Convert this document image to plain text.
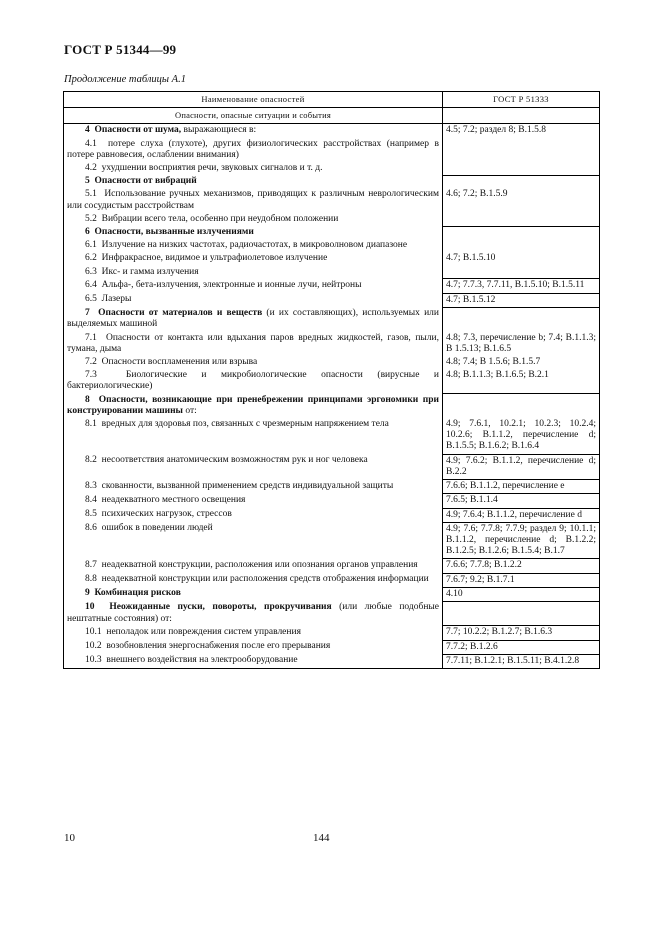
ГОСТ Р 51344—99
Продолжение таблицы А.1
Наименование опасностей	ГОСТ Р 51333
Опасности, опасные ситуации и события	
4 Опасности от шума, выражающиеся в:	4.5; 7.2; раздел 8; В.1.5.8
4.1 потере слуха (глухоте), других физиологических расстройствах (например в потере равновесия, ослаблении внимания)	
4.2 ухудшении восприятия речи, звуковых сигналов и т. д.	
5 Опасности от вибраций	
5.1 Использование ручных механизмов, приводящих к различным неврологическим или сосудистым расстройствам	4.6; 7.2; В.1.5.9
5.2 Вибрации всего тела, особенно при неудобном положении	
6 Опасности, вызванные излучениями	
6.1 Излучение на низких частотах, радиочастотах, в микроволновом диапазоне	
6.2 Инфракрасное, видимое и ультрафиолетовое излучение	4.7; В.1.5.10
6.3 Икс- и гамма излучения	
6.4 Альфа-, бета-излучения, электронные и ионные лучи, нейтроны	4.7; 7.7.3, 7.7.11, В.1.5.10; В.1.5.11
6.5 Лазеры	4.7; В.1.5.12
7 Опасности от материалов и веществ (и их составляющих), используемых или выделяемых машиной	
7.1 Опасности от контакта или вдыхания паров вредных жидкостей, газов, пыли, тумана, дыма	4.8; 7.3, перечисление b; 7.4; В.1.1.3; В 1.5.13; В.1.6.5
7.2 Опасности воспламенения или взрыва	4.8; 7.4; В 1.5.6; В.1.5.7
7.3 Биологические и микробиологические опасности (вирусные и бактериологические)	4.8; В.1.1.3; В.1.6.5; В.2.1
8 Опасности, возникающие при пренебрежении принципами эргономики при конструировании машины от:	
8.1 вредных для здоровья поз, связанных с чрезмерным напряжением тела	4.9; 7.6.1, 10.2.1; 10.2.3; 10.2.4; 10.2.6; В.1.1.2, перечисление d; В.1.5.5; В.1.6.2; В.1.6.4
8.2 несоответствия анатомическим возможностям рук и ног человека	4.9; 7.6.2; В.1.1.2, перечисление d; В.2.2
8.3 скованности, вызванной применением средств индивидуальной защиты	7.6.6; В.1.1.2, перечисление е
8.4 неадекватного местного освещения	7.6.5; В.1.1.4
8.5 психических нагрузок, стрессов	4.9; 7.6.4; В.1.1.2, перечисление d
8.6 ошибок в поведении людей	4.9; 7.6; 7.7.8; 7.7.9; раздел 9; 10.1.1; В.1.1.2, перечисление d; В.1.2.2; В.1.2.5; В.1.2.6; В.1.5.4; В.1.7
8.7 неадекватной конструкции, расположения или опознания органов управления	7.6.6; 7.7.8; В.1.2.2
8.8 неадекватной конструкции или расположения средств отображения информации	7.6.7; 9.2; В.1.7.1
9 Комбинация рисков	4.10
10 Неожиданные пуски, повороты, прокручивания (или любые подобные нештатные состояния) от:	
10.1 неполадок или повреждения систем управления	7.7; 10.2.2; В.1.2.7; В.1.6.3
10.2 возобновления энергоснабжения после его прерывания	7.7.2; В.1.2.6
10.3 внешнего воздействия на электрооборудование	7.7.11; В.1.2.1; В.1.5.11; В.4.1.2.8
10	144
